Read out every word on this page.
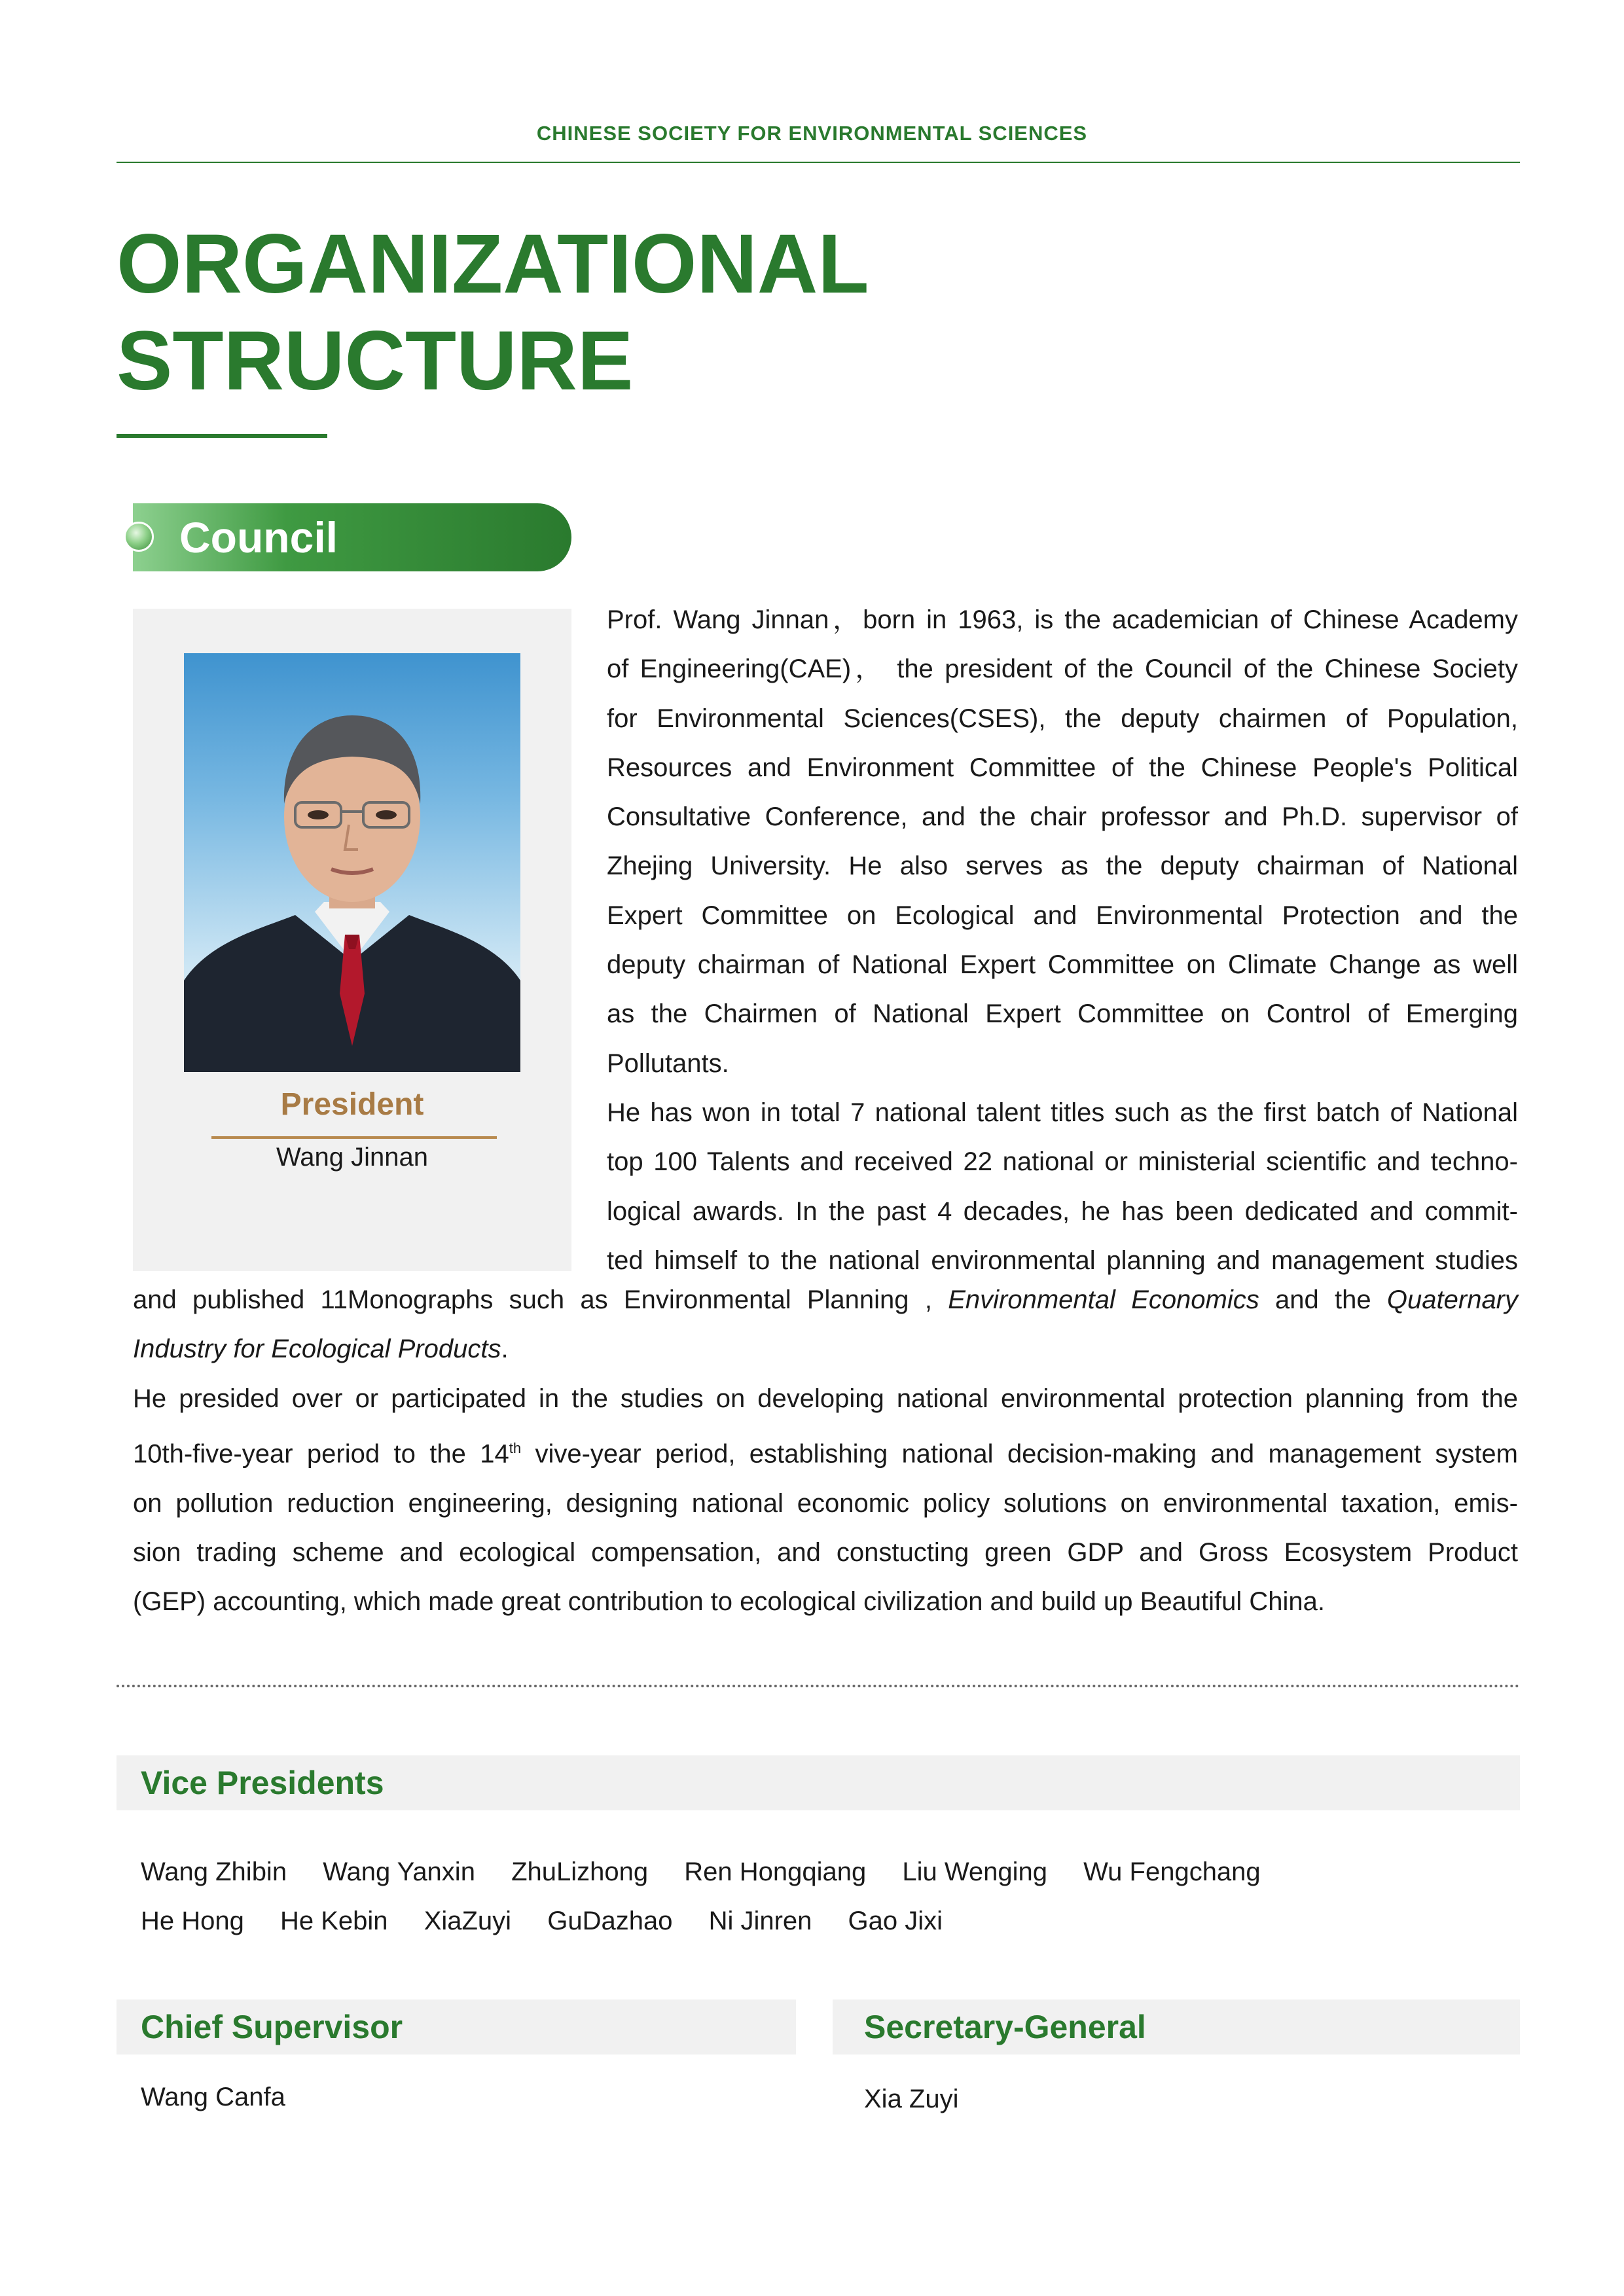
CHINESE SOCIETY FOR ENVIRONMENTAL SCIENCES
ORGANIZATIONAL
STRUCTURE
Council
President
Wang Jinnan
Prof. Wang Jinnan，born in 1963, is the academician of Chinese Academy
of Engineering(CAE)， the president of the Council of the Chinese Society
for Environmental Sciences(CSES), the deputy chairmen of Population,
Resources and Environment Committee of the Chinese People's Political
Consultative Conference, and the chair professor and Ph.D. supervisor of
Zhejing University. He also serves as the deputy chairman of National
Expert Committee on Ecological and Environmental Protection and the
deputy chairman of National Expert Committee on Climate Change as well
as the Chairmen of National Expert Committee on Control of Emerging
Pollutants.
He has won in total 7 national talent titles such as the first batch of National
top 100 Talents and received 22 national or ministerial scientific and techno-
logical awards. In the past 4 decades, he has been dedicated and commit-
ted himself to the national environmental planning and management studies
and published 11Monographs such as Environmental Planning , Environmental Economics and the Quaternary
Industry for Ecological Products.
He presided over or participated in the studies on developing national environmental protection planning from the
10th-five-year period to the 14th vive-year period, establishing national decision-making and management system
on pollution reduction engineering, designing national economic policy solutions on environmental taxation, emis-
sion trading scheme and ecological compensation, and constucting green GDP and Gross Ecosystem Product
(GEP) accounting, which made great contribution to ecological civilization and build up Beautiful China.
Vice Presidents
Wang Zhibin Wang Yanxin ZhuLizhong Ren Hongqiang Liu Wenging Wu Fengchang
He Hong He Kebin XiaZuyi GuDazhao Ni Jinren Gao Jixi
Chief Supervisor
Wang Canfa
Secretary-General
Xia Zuyi
